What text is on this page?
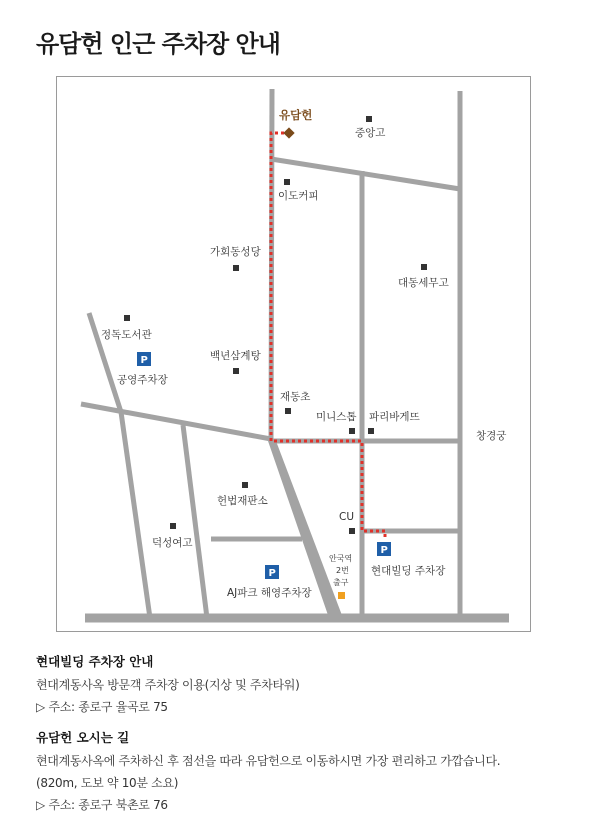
유담헌 인근 주차장 안내
유담헌
중앙고
이도커피
가회동성당
대동세무고
정독도서관
백년삼계탕
재동초
미니스톱 파리바게뜨
창경궁
헌법재판소
CU
덕성여고
안국역
2번
출구
P
공영주차장
P
현대빌딩 주차장
P
AJ파크 해영주차장
현대빌딩 주차장 안내

현대계동사옥 방문객 주차장 이용(지상 및 주차타워)

▷ 주소: 종로구 율곡로 75

유담헌 오시는 길

현대계동사옥에 주차하신 후 점선을 따라 유담헌으로 이동하시면 가장 편리하고 가깝습니다.

(820m, 도보 약 10분 소요)

▷ 주소: 종로구 북촌로 76
